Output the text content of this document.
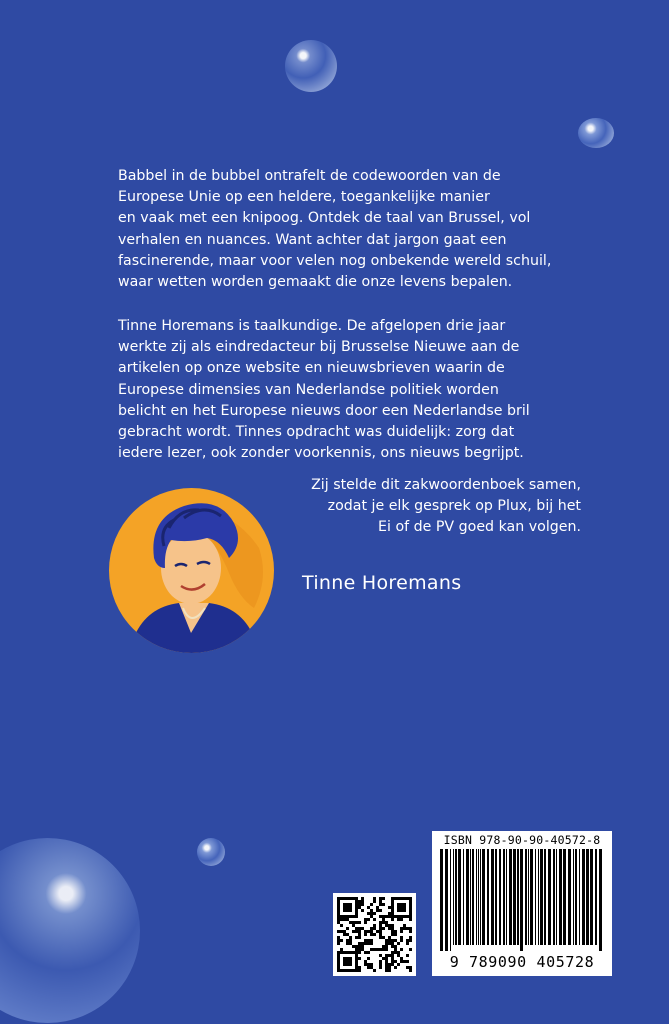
Babbel in de bubbel ontrafelt de codewoorden van de
Europese Unie op een heldere, toegankelijke manier
en vaak met een knipoog. Ontdek de taal van Brussel, vol
verhalen en nuances. Want achter dat jargon gaat een
fascinerende, maar voor velen nog onbekende wereld schuil,
waar wetten worden gemaakt die onze levens bepalen.

Tinne Horemans is taalkundige. De afgelopen drie jaar
werkte zij als eindredacteur bij Brusselse Nieuwe aan de
artikelen op onze website en nieuwsbrieven waarin de
Europese dimensies van Nederlandse politiek worden
belicht en het Europese nieuws door een Nederlandse bril
gebracht wordt. Tinnes opdracht was duidelijk: zorg dat
iedere lezer, ook zonder voorkennis, ons nieuws begrijpt.

Zij stelde dit zakwoordenboek samen,
zodat je elk gesprek op Plux, bij het
Ei of de PV goed kan volgen.

Tinne Horemans

ISBN 978-90-90-40572-8
9 789090 405728
